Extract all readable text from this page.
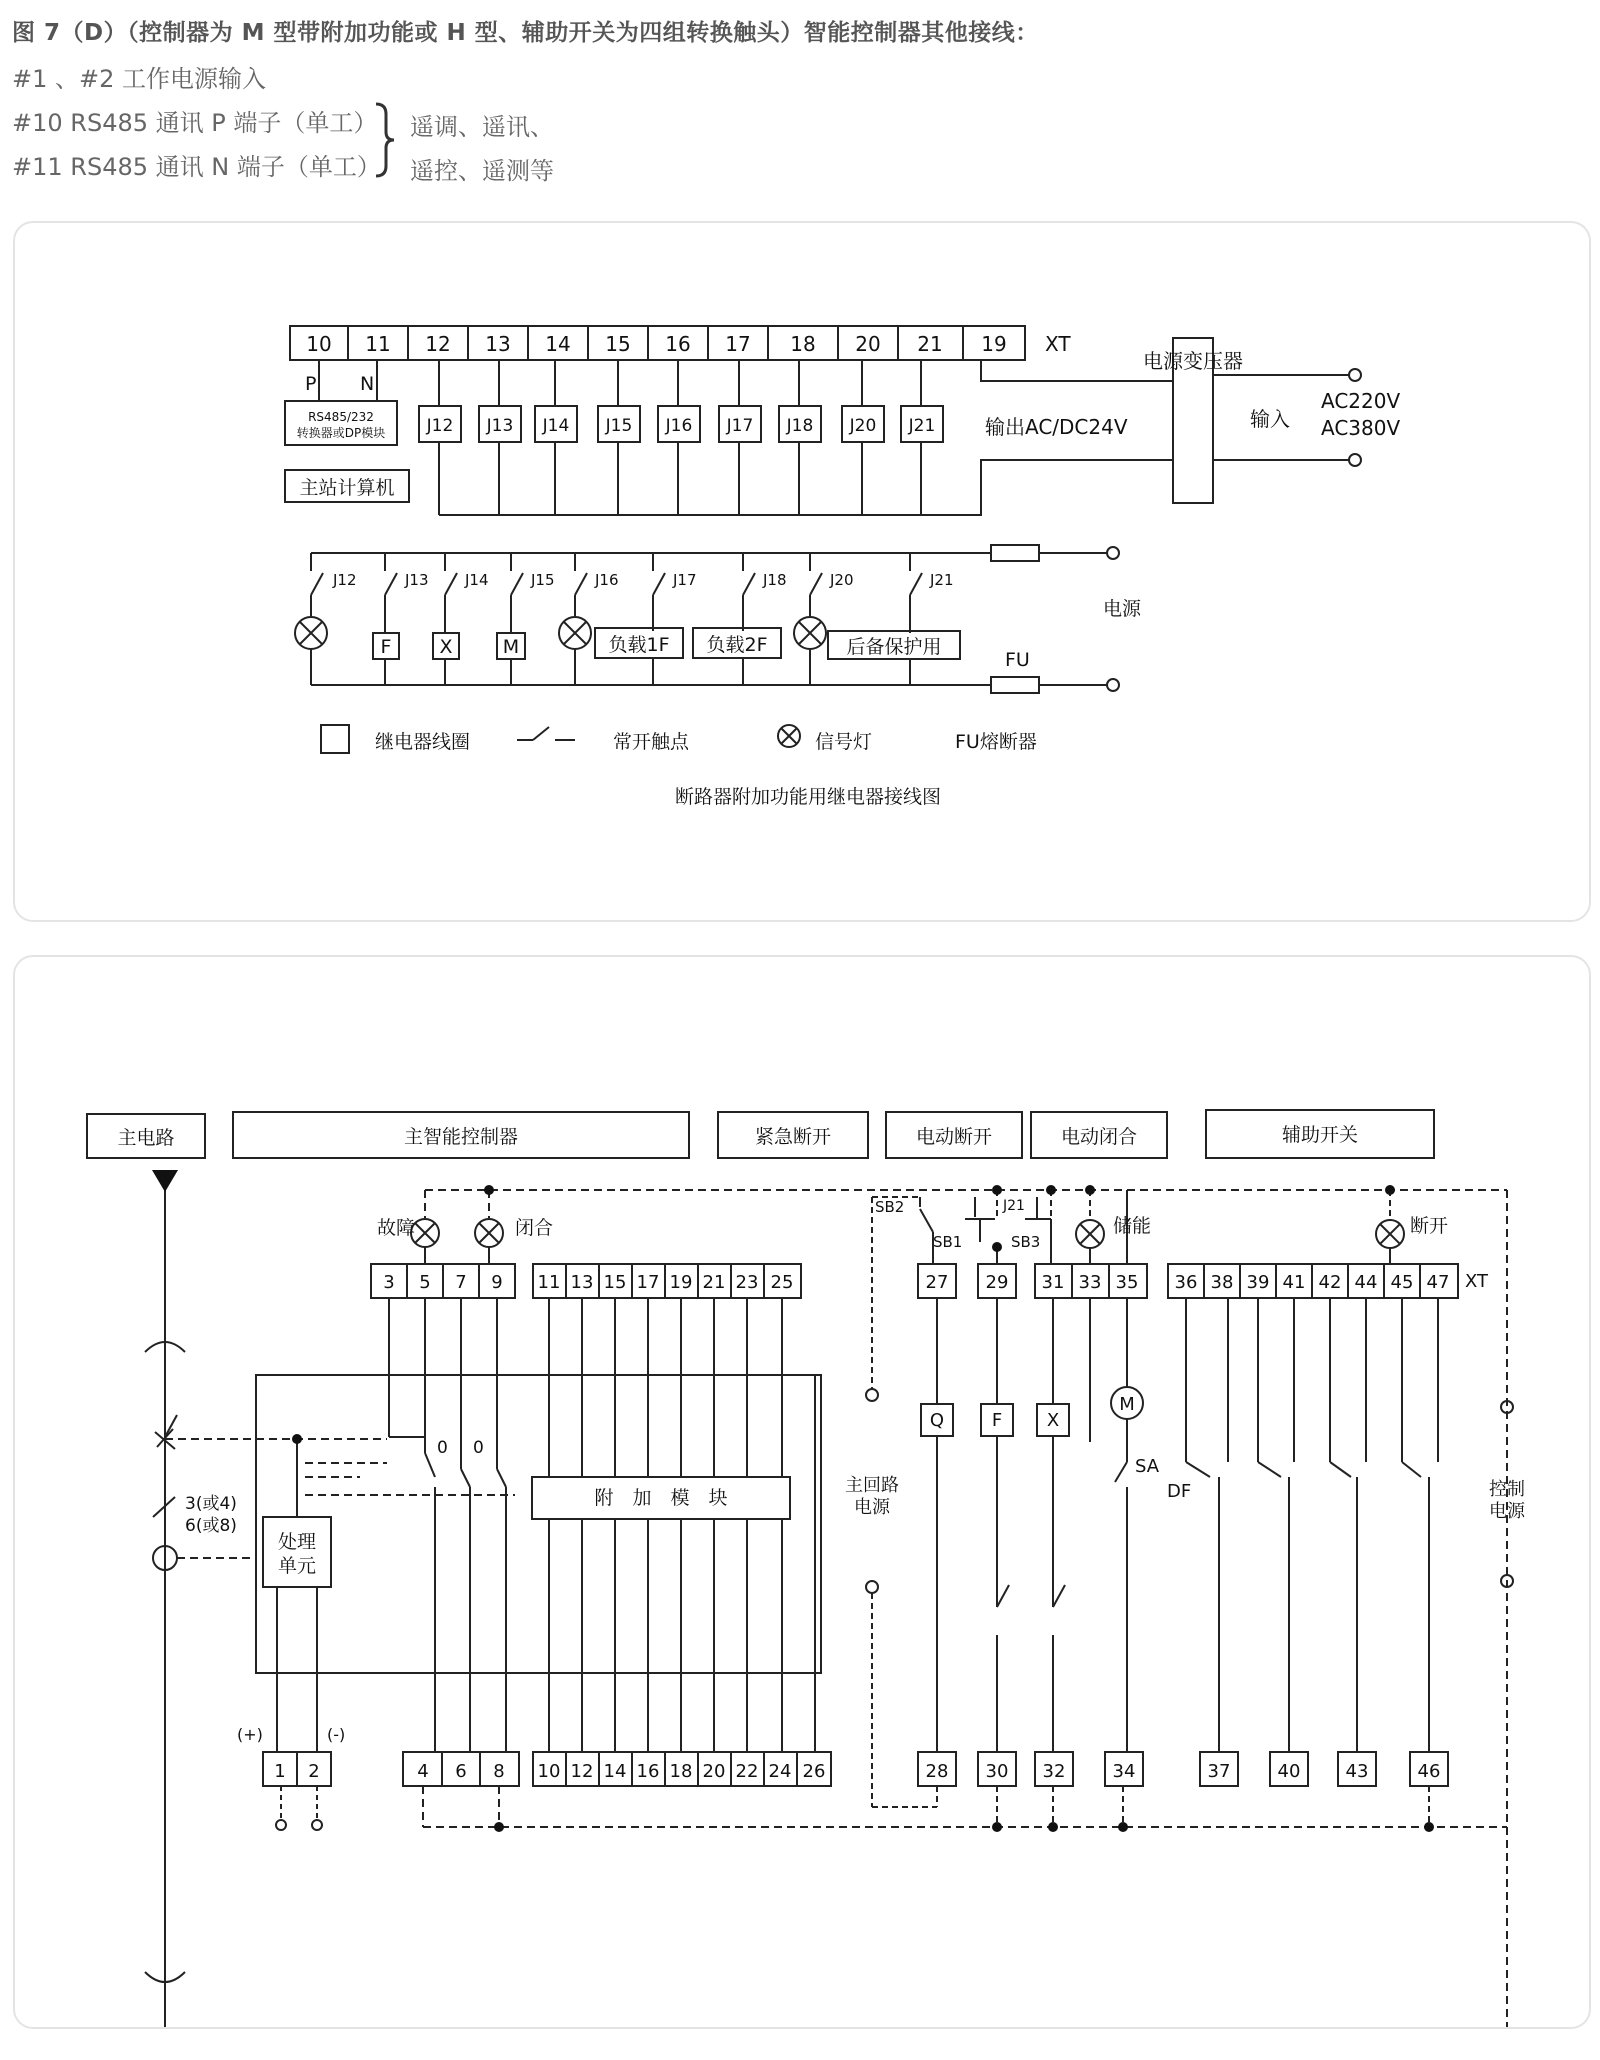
图 7（D）（控制器为 M 型带附加功能或 H 型、辅助开关为四组转换触头）智能控制器其他接线：
#1 、#2 工作电源输入
#10 RS485 通讯 P 端子（单工）
#11 RS485 通讯 N 端子（单工）
遥调、遥讯、
遥控、遥测等
10 11 12 13 14 15 16 17 18 20 21 19 XT
P N
RS485/232
转换器或DP模块
主站计算机
J12 J13 J14 J15 J16 J17 J18 J20 J21 输出AC/DC24V
电源变压器
输入
AC220V
AC380V
J12	J13 J14	J15	J16	J17	J18	J20	J21
F	X	M	负载1F 负载2F	后备保护用
FU
电源
继电器线圈	常开触点	信号灯	FU熔断器
断路器附加功能用继电器接线图
主电路	主智能控制器	紧急断开	电动断开	电动闭合	辅助开关
故障	闭合	储能	断开
3 5 7 9 11 13 15 17 19 21 23 25	27 29 31 33 35 36 38 39 41 42 44 45 47 XT
SB1
SB2
SB3
J21
0 0
附　加　模　块
处理
单元
3(或4)
6(或8)
(+)	(-)
Q	F X
M
SA
DF
主回路
电源
控制
电源
1 2	4 6 8 10 12 14 16 18 20 22 24 26	28 30 32	34	37	40	43	46
